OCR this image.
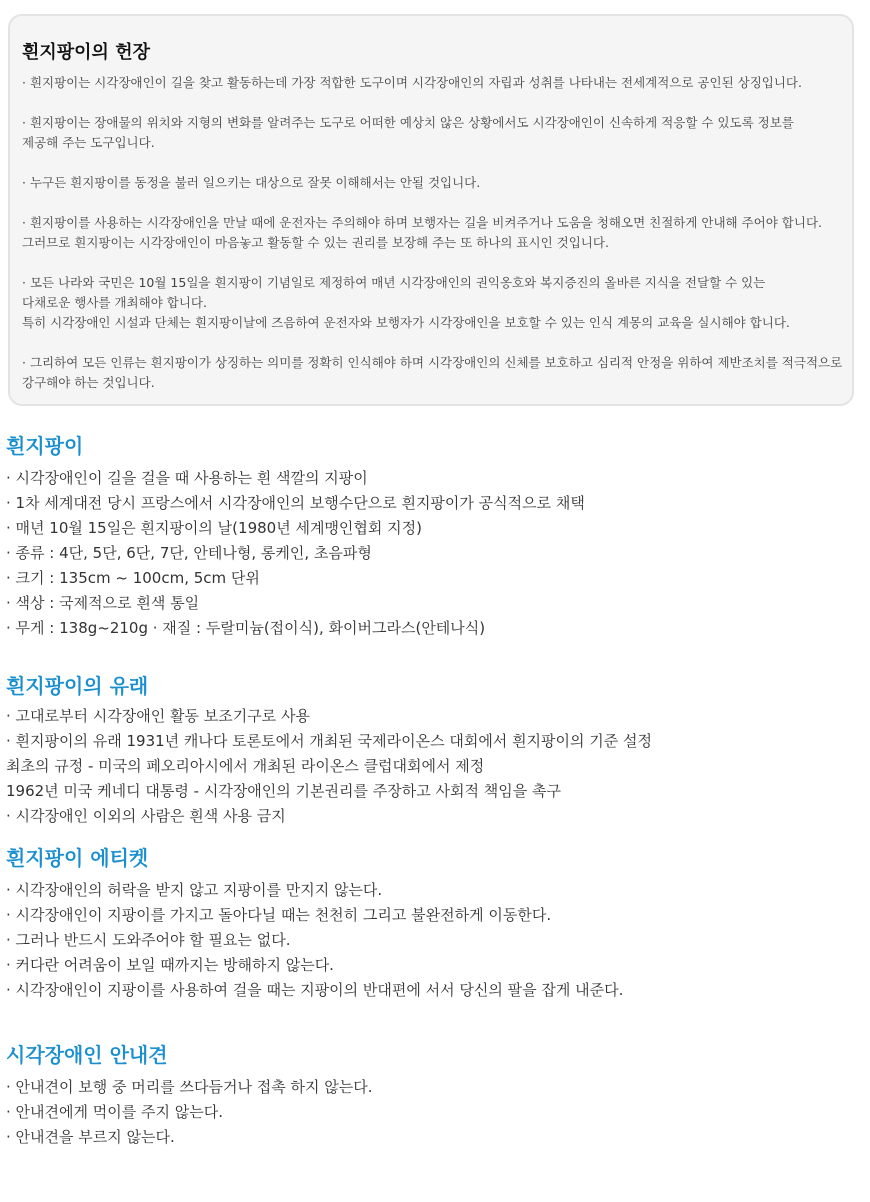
흰지팡이의 헌장

· 흰지팡이는 시각장애인이 길을 찾고 활동하는데 가장 적합한 도구이며 시각장애인의 자립과 성취를 나타내는 전세계적으로 공인된 상징입니다.

· 흰지팡이는 장애물의 위치와 지형의 변화를 알려주는 도구로 어떠한 예상치 않은 상황에서도 시각장애인이 신속하게 적응할 수 있도록 정보를
제공해 주는 도구입니다.

· 누구든 흰지팡이를 동정을 불러 일으키는 대상으로 잘못 이해해서는 안될 것입니다.

· 흰지팡이를 사용하는 시각장애인을 만날 때에 운전자는 주의해야 하며 보행자는 길을 비켜주거나 도움을 청해오면 친절하게 안내해 주어야 합니다.
그러므로 흰지팡이는 시각장애인이 마음놓고 활동할 수 있는 권리를 보장해 주는 또 하나의 표시인 것입니다.

· 모든 나라와 국민은 10월 15일을 흰지팡이 기념일로 제정하여 매년 시각장애인의 권익옹호와 복지증진의 올바른 지식을 전달할 수 있는
다채로운 행사를 개최해야 합니다.
특히 시각장애인 시설과 단체는 흰지팡이날에 즈음하여 운전자와 보행자가 시각장애인을 보호할 수 있는 인식 계몽의 교육을 실시해야 합니다.

· 그리하여 모든 인류는 흰지팡이가 상징하는 의미를 정확히 인식해야 하며 시각장애인의 신체를 보호하고 심리적 안정을 위하여 제반조치를 적극적으로
강구해야 하는 것입니다.

흰지팡이
· 시각장애인이 길을 걸을 때 사용하는 흰 색깔의 지팡이
· 1차 세계대전 당시 프랑스에서 시각장애인의 보행수단으로 흰지팡이가 공식적으로 채택
· 매년 10월 15일은 흰지팡이의 날(1980년 세계맹인협회 지정)
· 종류 : 4단, 5단, 6단, 7단, 안테나형, 롱케인, 초음파형
· 크기 : 135cm ~ 100cm, 5cm 단위
· 색상 : 국제적으로 흰색 통일
· 무게 : 138g~210g · 재질 : 두랄미늄(접이식), 화이버그라스(안테나식)
흰지팡이의 유래
· 고대로부터 시각장애인 활동 보조기구로 사용
· 흰지팡이의 유래 1931년 캐나다 토론토에서 개최된 국제라이온스 대회에서 흰지팡이의 기준 설정
최초의 규정 - 미국의 페오리아시에서 개최된 라이온스 클럽대회에서 제정
1962년 미국 케네디 대통령 - 시각장애인의 기본권리를 주장하고 사회적 책임을 촉구
· 시각장애인 이외의 사람은 흰색 사용 금지
흰지팡이 에티켓
· 시각장애인의 허락을 받지 않고 지팡이를 만지지 않는다.
· 시각장애인이 지팡이를 가지고 돌아다닐 때는 천천히 그리고 불완전하게 이동한다.
· 그러나 반드시 도와주어야 할 필요는 없다.
· 커다란 어려움이 보일 때까지는 방해하지 않는다.
· 시각장애인이 지팡이를 사용하여 걸을 때는 지팡이의 반대편에 서서 당신의 팔을 잡게 내준다.
시각장애인 안내견
· 안내견이 보행 중 머리를 쓰다듬거나 접촉 하지 않는다.
· 안내견에게 먹이를 주지 않는다.
· 안내견을 부르지 않는다.
